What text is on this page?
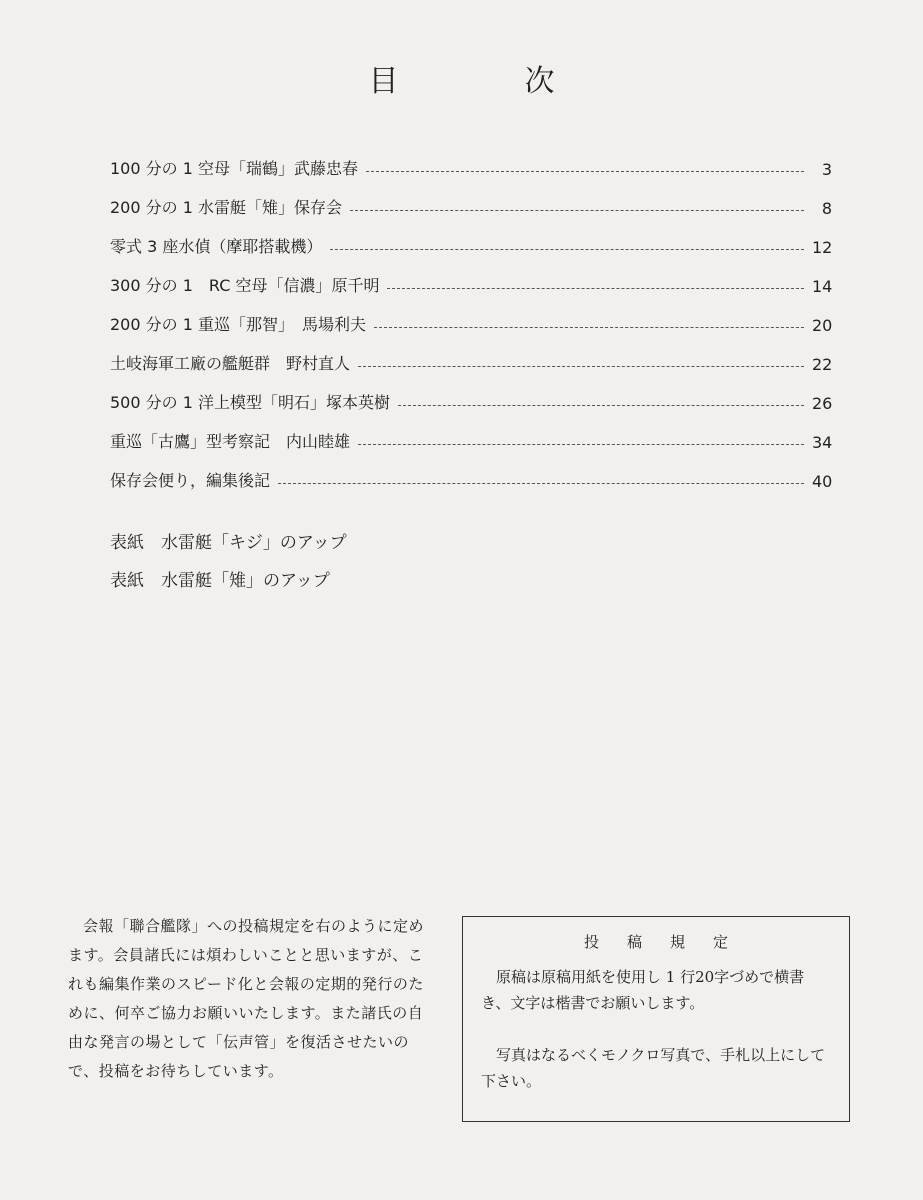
目　次
100 分の 1 空母「瑞鶴」武藤忠春	3
200 分の 1 水雷艇「雉」保存会	8
零式 3 座水偵（摩耶搭載機）	12
300 分の 1　RC 空母「信濃」原千明	14
200 分の 1 重巡「那智」　馬場利夫	20
土岐海軍工廠の艦艇群　野村直人	22
500 分の 1 洋上模型「明石」塚本英樹	26
重巡「古鷹」型考察記　内山睦雄	34
保存会便り，編集後記	40
表紙　水雷艇「キジ」のアップ
表紙　水雷艇「雉」のアップ
会報「聯合艦隊」への投稿規定を右のように定めます。会員諸氏には煩わしいことと思いますが、これも編集作業のスピード化と会報の定期的発行のために、何卒ご協力お願いいたします。また諸氏の自由な発言の場として「伝声管」を復活させたいので、投稿をお待ちしています。
投稿規定
原稿は原稿用紙を使用し 1 行20字づめで横書き、文字は楷書でお願いします。
写真はなるべくモノクロ写真で、手札以上にして下さい。
